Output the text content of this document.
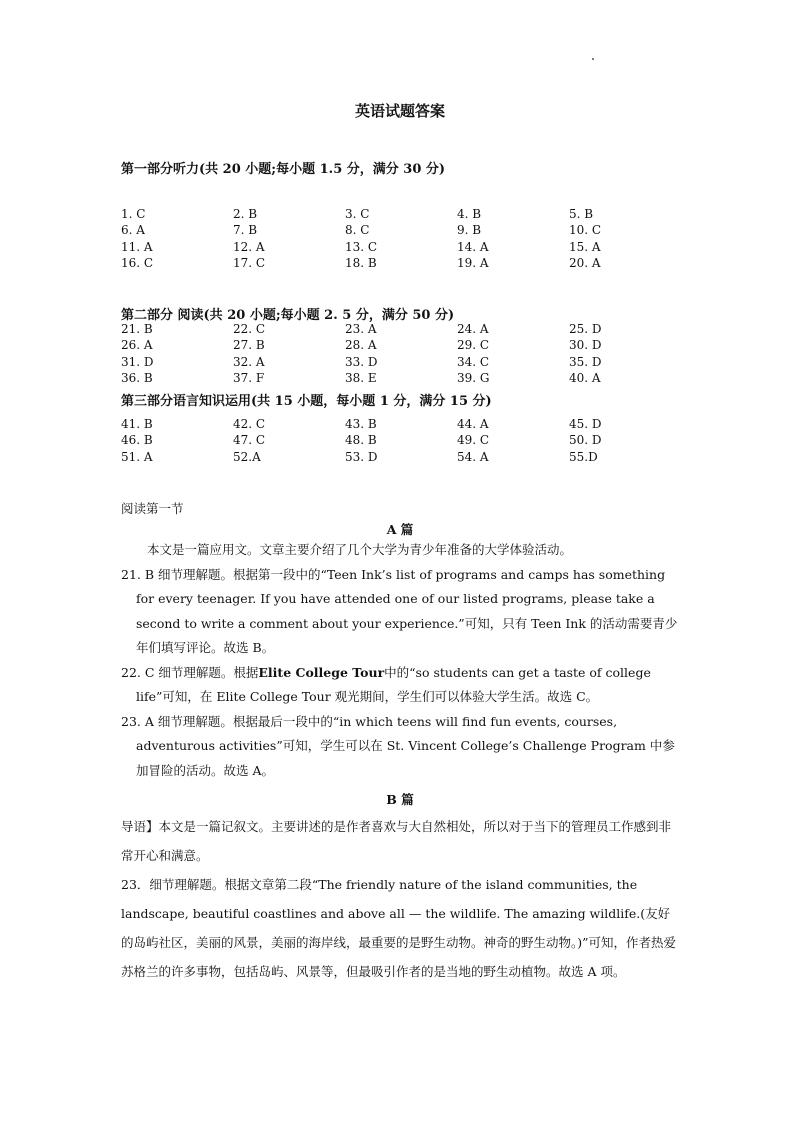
英语试题答案
第一部分听力(共 20 小题;每小题 1.5 分，满分 30 分)
1. C	2. B	3. C	4. B	5. B
6. A	7. B	8. C	9. B	10. C
11. A	12. A	13. C	14. A	15. A
16. C	17. C	18. B	19. A	20. A
第二部分 阅读(共 20 小题;每小题 2. 5 分，满分 50 分)
21. B	22. C	23. A	24. A	25. D
26. A	27. B	28. A	29. C	30. D
31. D	32. A	33. D	34. C	35. D
36. B	37. F	38. E	39. G	40. A
第三部分语言知识运用(共 15 小题，每小题 1 分，满分 15 分)
41. B	42. C	43. B	44. A	45. D
46. B	47. C	48. B	49. C	50. D
51. A	52.A	53. D	54. A	55.D
阅读第一节
A 篇

本文是一篇应用文。文章主要介绍了几个大学为青少年准备的大学体验活动。

21. B 细节理解题。根据第一段中的“Teen Ink’s list of programs and camps has something for every teenager. If you have attended one of our listed programs, please take a second to write a comment about your experience.”可知，只有 Teen Ink 的活动需要青少年们填写评论。故选 B。

22. C 细节理解题。根据Elite College Tour中的“so students can get a taste of college life”可知，在 Elite College Tour 观光期间，学生们可以体验大学生活。故选 C。

23. A 细节理解题。根据最后一段中的“in which teens will find fun events, courses, adventurous activities”可知，学生可以在 St. Vincent College’s Challenge Program 中参加冒险的活动。故选 A。

B 篇

导语】本文是一篇记叙文。主要讲述的是作者喜欢与大自然相处，所以对于当下的管理员工作感到非常开心和满意。

23．细节理解题。根据文章第二段“The friendly nature of the island communities, the landscape, beautiful coastlines and above all — the wildlife. The amazing wildlife.(友好的岛屿社区，美丽的风景，美丽的海岸线，最重要的是野生动物。神奇的野生动物。)”可知，作者热爱苏格兰的许多事物，包括岛屿、风景等，但最吸引作者的是当地的野生动植物。故选 A 项。
